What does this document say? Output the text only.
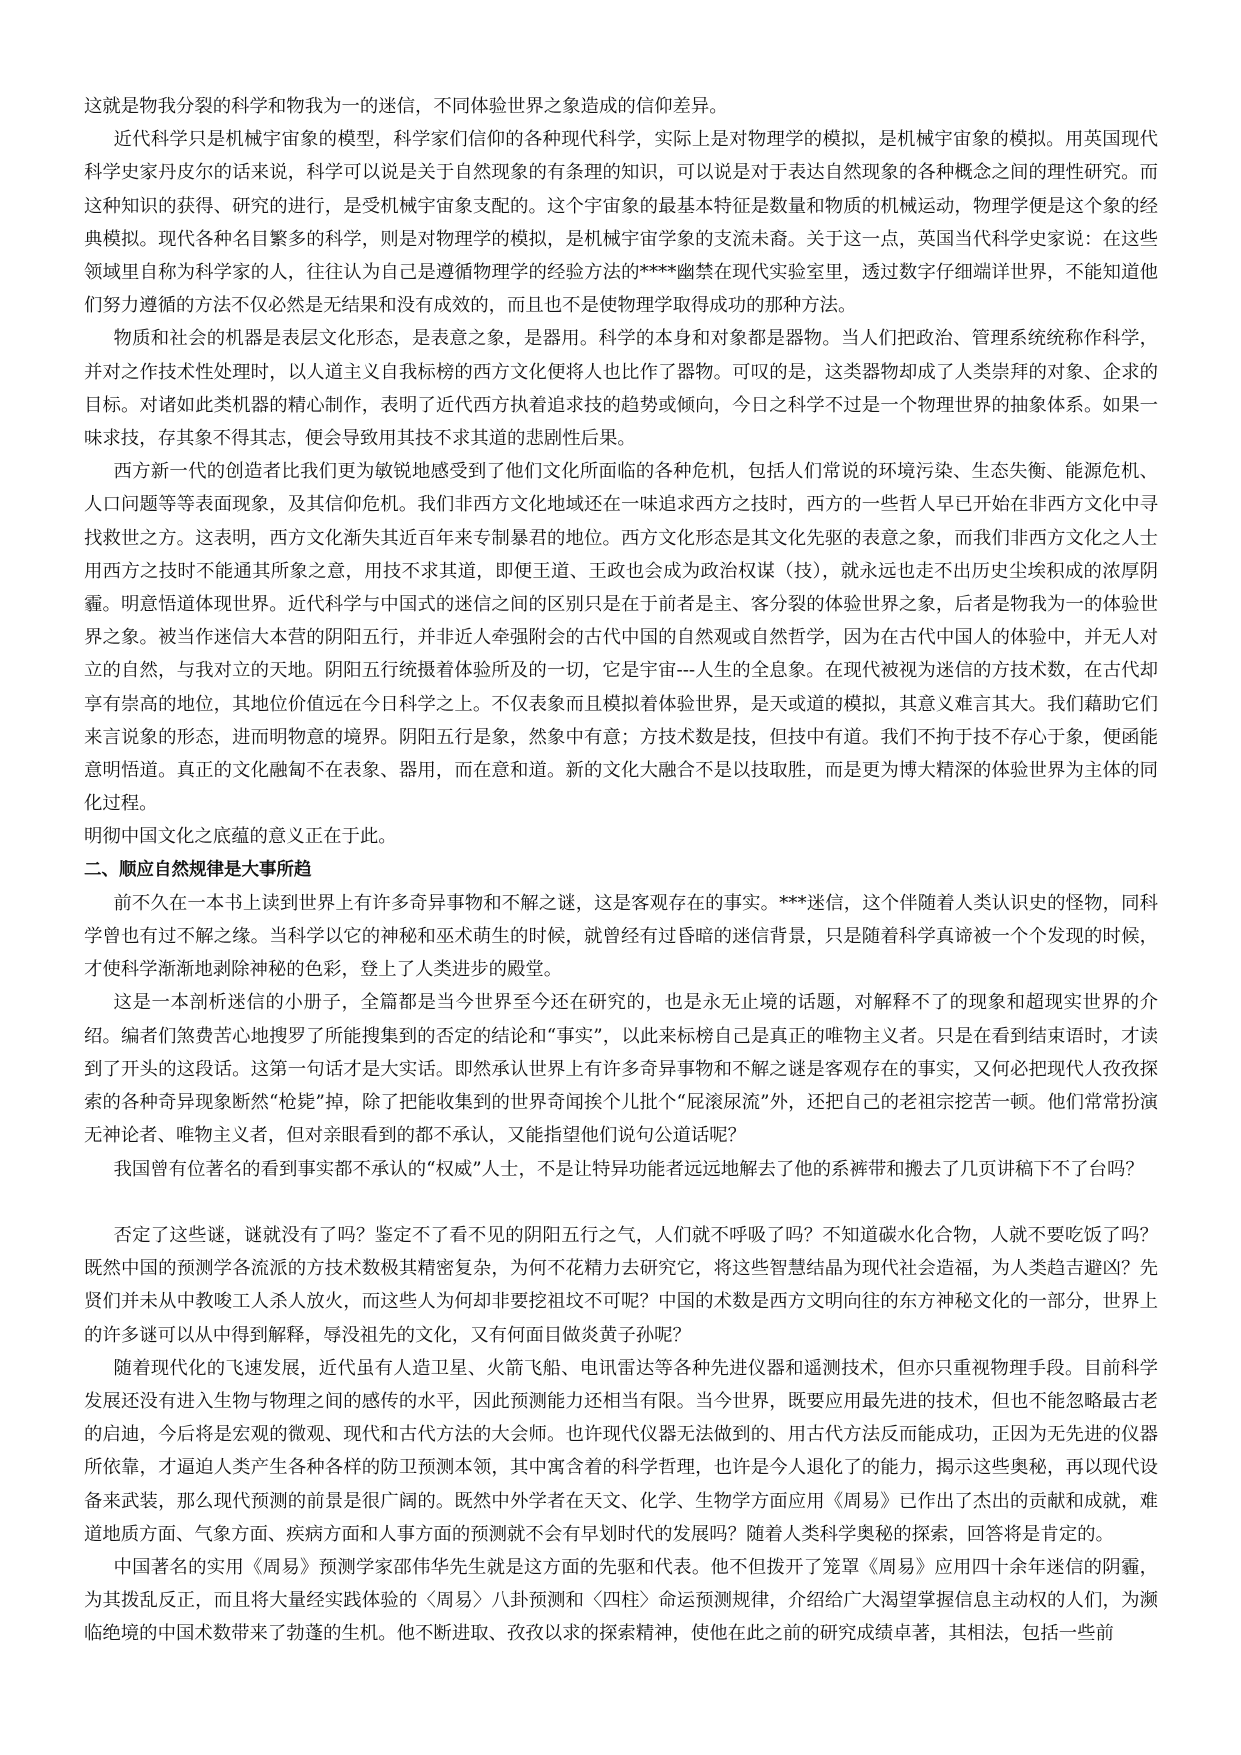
这就是物我分裂的科学和物我为一的迷信，不同体验世界之象造成的信仰差异。

近代科学只是机械宇宙象的模型，科学家们信仰的各种现代科学，实际上是对物理学的模拟，是机械宇宙象的模拟。用英国现代科学史家丹皮尔的话来说，科学可以说是关于自然现象的有条理的知识，可以说是对于表达自然现象的各种概念之间的理性研究。而这种知识的获得、研究的进行，是受机械宇宙象支配的。这个宇宙象的最基本特征是数量和物质的机械运动，物理学便是这个象的经典模拟。现代各种名目繁多的科学，则是对物理学的模拟，是机械宇宙学象的支流未裔。关于这一点，英国当代科学史家说：在这些领域里自称为科学家的人，往往认为自己是遵循物理学的经验方法的****幽禁在现代实验室里，透过数字仔细端详世界，不能知道他们努力遵循的方法不仅必然是无结果和没有成效的，而且也不是使物理学取得成功的那种方法。

物质和社会的机器是表层文化形态，是表意之象，是器用。科学的本身和对象都是器物。当人们把政治、管理系统统称作科学，并对之作技术性处理时，以人道主义自我标榜的西方文化便将人也比作了器物。可叹的是，这类器物却成了人类崇拜的对象、企求的目标。对诸如此类机器的精心制作，表明了近代西方执着追求技的趋势或倾向，今日之科学不过是一个物理世界的抽象体系。如果一味求技，存其象不得其志，便会导致用其技不求其道的悲剧性后果。

西方新一代的创造者比我们更为敏锐地感受到了他们文化所面临的各种危机，包括人们常说的环境污染、生态失衡、能源危机、人口问题等等表面现象，及其信仰危机。我们非西方文化地域还在一味追求西方之技时，西方的一些哲人早已开始在非西方文化中寻找救世之方。这表明，西方文化渐失其近百年来专制暴君的地位。西方文化形态是其文化先驱的表意之象，而我们非西方文化之人士用西方之技时不能通其所象之意，用技不求其道，即便王道、王政也会成为政治权谋（技），就永远也走不出历史尘埃积成的浓厚阴霾。明意悟道体现世界。近代科学与中国式的迷信之间的区别只是在于前者是主、客分裂的体验世界之象，后者是物我为一的体验世界之象。被当作迷信大本营的阴阳五行，并非近人牵强附会的古代中国的自然观或自然哲学，因为在古代中国人的体验中，并无人对立的自然，与我对立的天地。阴阳五行统摄着体验所及的一切，它是宇宙---人生的全息象。在现代被视为迷信的方技术数，在古代却享有崇高的地位，其地位价值远在今日科学之上。不仅表象而且模拟着体验世界，是天或道的模拟，其意义难言其大。我们藉助它们来言说象的形态，进而明物意的境界。阴阳五行是象，然象中有意；方技术数是技，但技中有道。我们不拘于技不存心于象，便函能意明悟道。真正的文化融匐不在表象、器用，而在意和道。新的文化大融合不是以技取胜，而是更为博大精深的体验世界为主体的同化过程。

明彻中国文化之底蕴的意义正在于此。

二、顺应自然规律是大事所趋

前不久在一本书上读到世界上有许多奇异事物和不解之谜，这是客观存在的事实。***迷信，这个伴随着人类认识史的怪物，同科学曾也有过不解之缘。当科学以它的神秘和巫术萌生的时候，就曾经有过昏暗的迷信背景，只是随着科学真谛被一个个发现的时候，才使科学渐渐地剥除神秘的色彩，登上了人类进步的殿堂。

这是一本剖析迷信的小册子，全篇都是当今世界至今还在研究的，也是永无止境的话题，对解释不了的现象和超现实世界的介绍。编者们煞费苦心地搜罗了所能搜集到的否定的结论和“事实”，以此来标榜自己是真正的唯物主义者。只是在看到结束语时，才读到了开头的这段话。这第一句话才是大实话。即然承认世界上有许多奇异事物和不解之谜是客观存在的事实，又何必把现代人孜孜探索的各种奇异现象断然“枪毙”掉，除了把能收集到的世界奇闻挨个儿批个“屁滚尿流”外，还把自己的老祖宗挖苦一顿。他们常常扮演无神论者、唯物主义者，但对亲眼看到的都不承认，又能指望他们说句公道话呢？

我国曾有位著名的看到事实都不承认的“权威”人士，不是让特异功能者远远地解去了他的系裤带和搬去了几页讲稿下不了台吗？

否定了这些谜，谜就没有了吗？鉴定不了看不见的阴阳五行之气，人们就不呼吸了吗？不知道碳水化合物，人就不要吃饭了吗？既然中国的预测学各流派的方技术数极其精密复杂，为何不花精力去研究它，将这些智慧结晶为现代社会造福，为人类趋吉避凶？先贤们并未从中教唆工人杀人放火，而这些人为何却非要挖祖坟不可呢？中国的术数是西方文明向往的东方神秘文化的一部分，世界上的许多谜可以从中得到解释，辱没祖先的文化，又有何面目做炎黄子孙呢？

随着现代化的飞速发展，近代虽有人造卫星、火箭飞船、电讯雷达等各种先进仪器和遥测技术，但亦只重视物理手段。目前科学发展还没有进入生物与物理之间的感传的水平，因此预测能力还相当有限。当今世界，既要应用最先进的技术，但也不能忽略最古老的启迪，今后将是宏观的微观、现代和古代方法的大会师。也许现代仪器无法做到的、用古代方法反而能成功，正因为无先进的仪器所依靠，才逼迫人类产生各种各样的防卫预测本领，其中寓含着的科学哲理，也许是今人退化了的能力，揭示这些奥秘，再以现代设备来武装，那么现代预测的前景是很广阔的。既然中外学者在天文、化学、生物学方面应用《周易》已作出了杰出的贡献和成就，难道地质方面、气象方面、疾病方面和人事方面的预测就不会有早划时代的发展吗？随着人类科学奥秘的探索，回答将是肯定的。

中国著名的实用《周易》预测学家邵伟华先生就是这方面的先驱和代表。他不但拨开了笼罩《周易》应用四十余年迷信的阴霾，为其拨乱反正，而且将大量经实践体验的〈周易〉八卦预测和〈四柱〉命运预测规律，介绍给广大渴望掌握信息主动权的人们，为濒临绝境的中国术数带来了勃蓬的生机。他不断进取、孜孜以求的探索精神，使他在此之前的研究成绩卓著，其相法，包括一些前
